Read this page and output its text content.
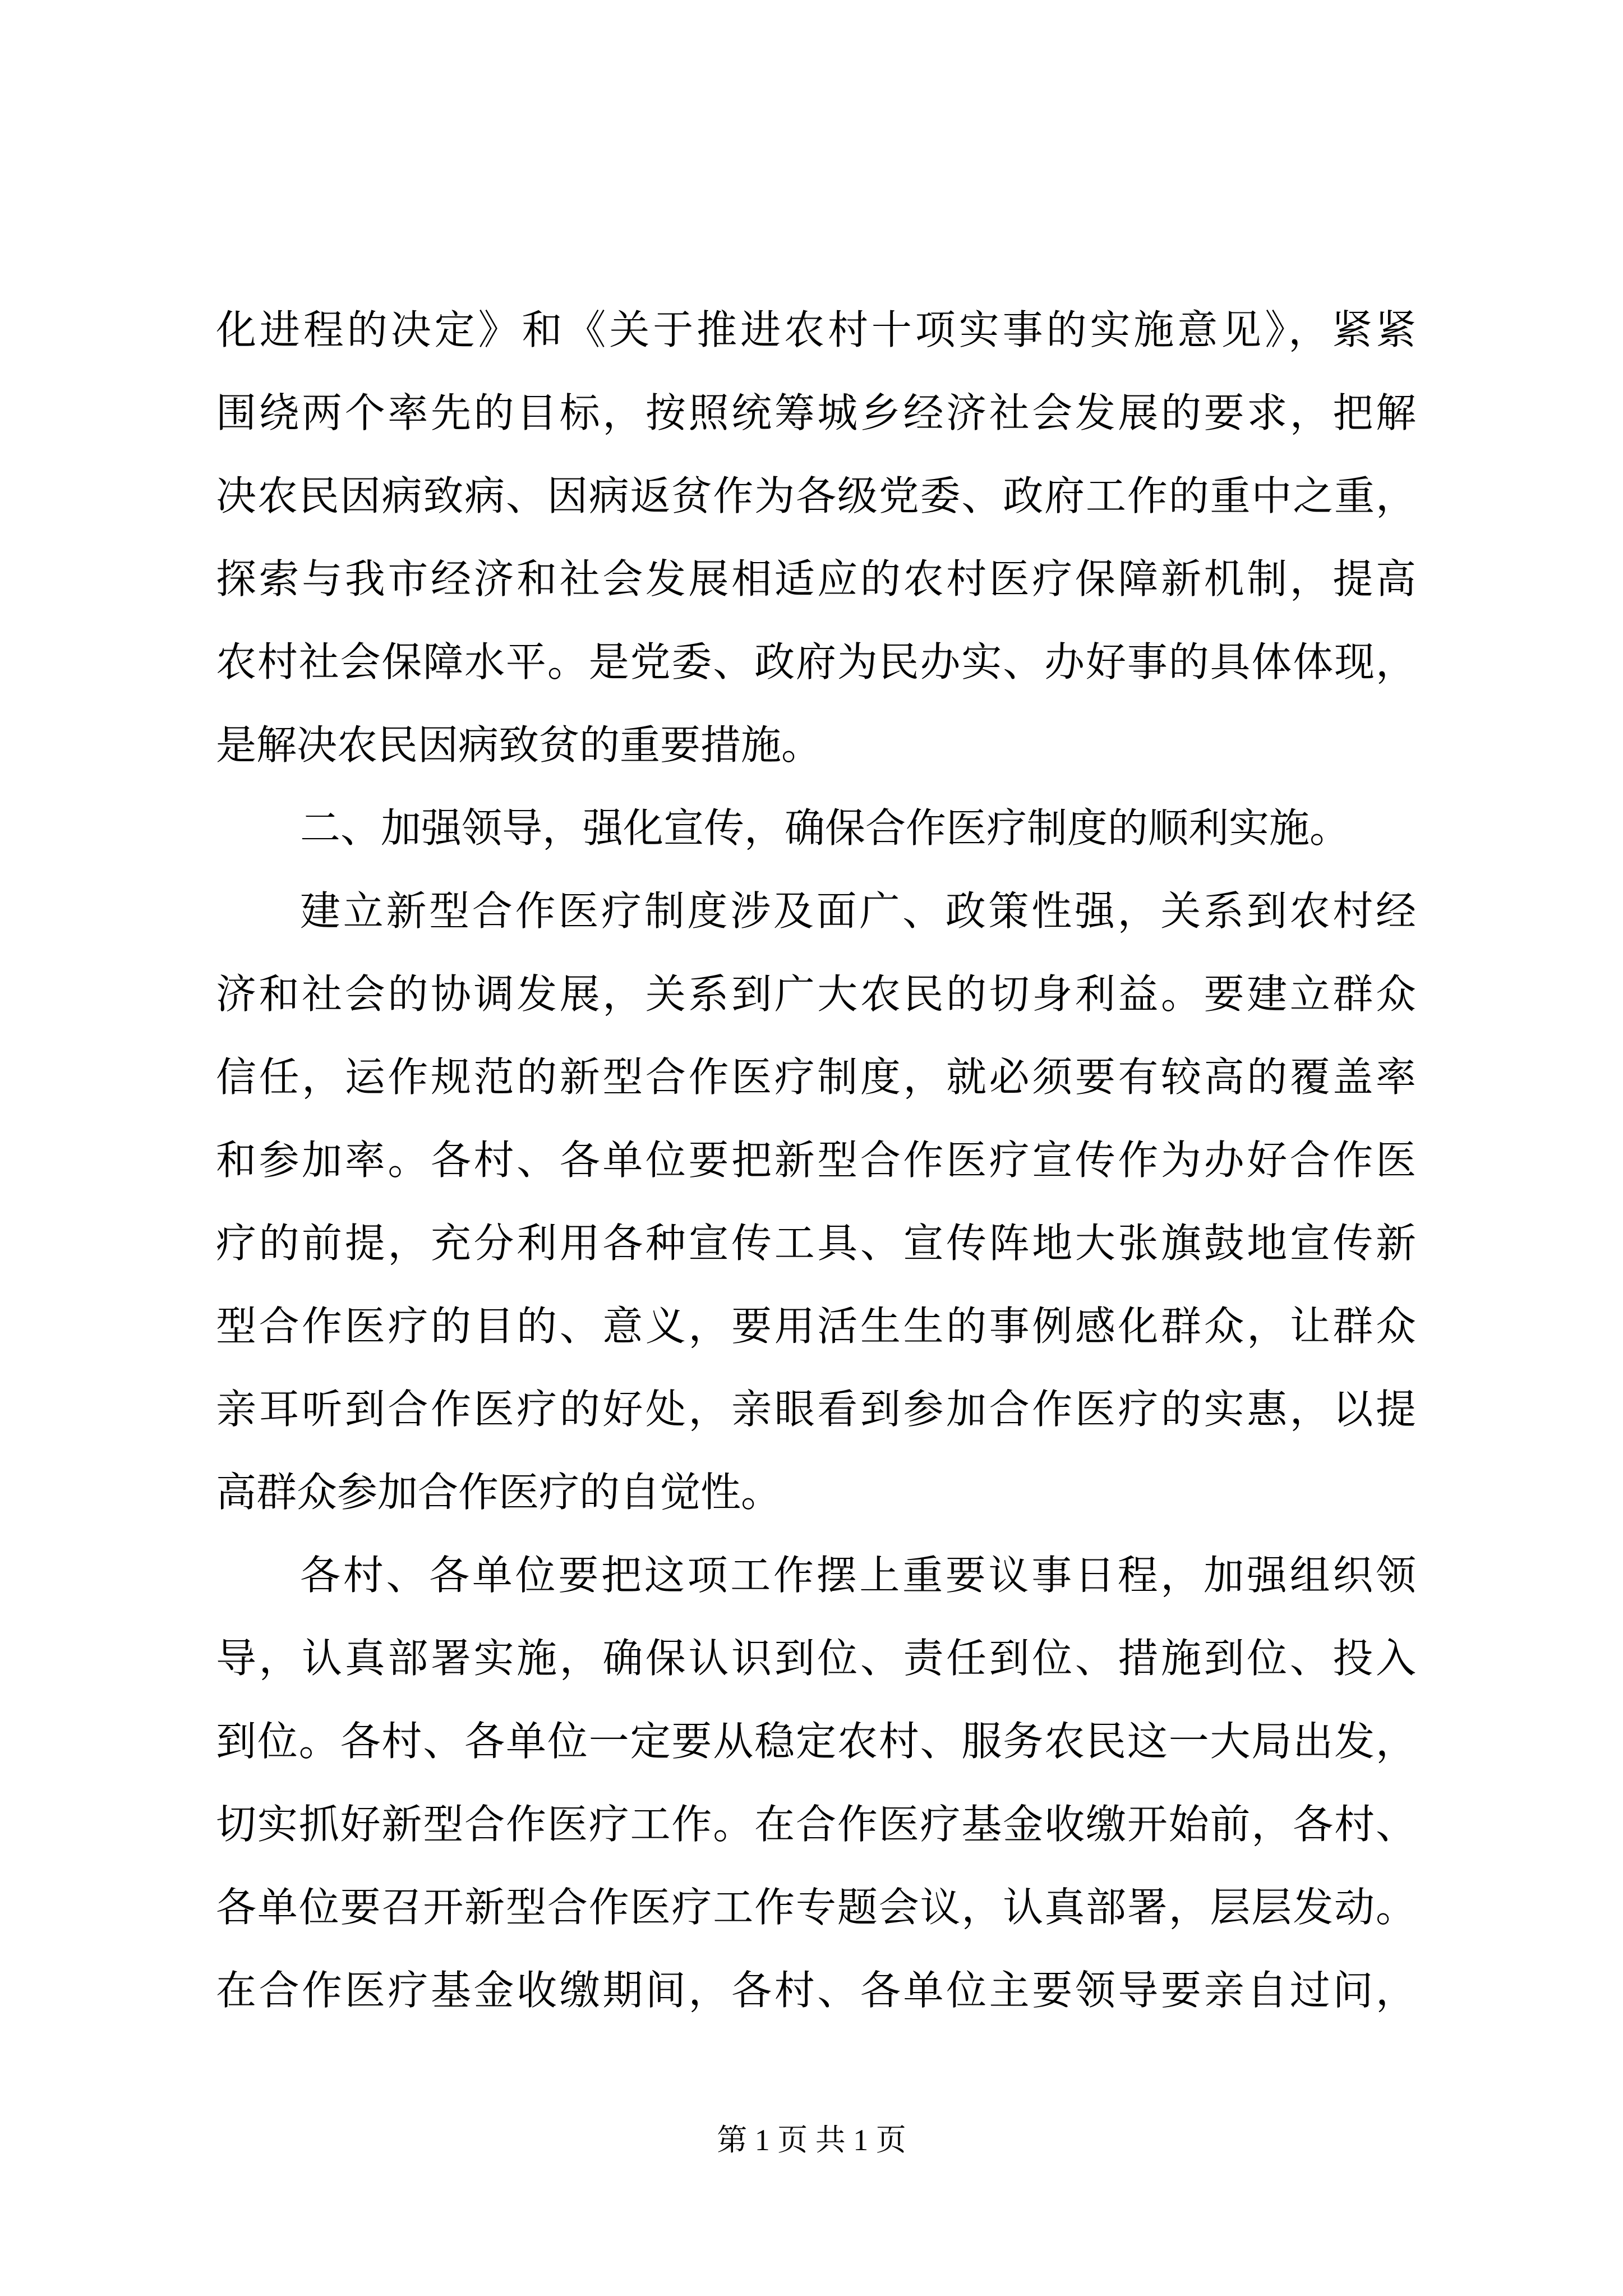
化进程的决定》和《关于推进农村十项实事的实施意见》，紧紧
围绕两个率先的目标，按照统筹城乡经济社会发展的要求，把解
决农民因病致病、因病返贫作为各级党委、政府工作的重中之重，
探索与我市经济和社会发展相适应的农村医疗保障新机制，提高
农村社会保障水平。是党委、政府为民办实、办好事的具体体现，
是解决农民因病致贫的重要措施。
二、加强领导，强化宣传，确保合作医疗制度的顺利实施。
建立新型合作医疗制度涉及面广、政策性强，关系到农村经
济和社会的协调发展，关系到广大农民的切身利益。要建立群众
信任，运作规范的新型合作医疗制度，就必须要有较高的覆盖率
和参加率。各村、各单位要把新型合作医疗宣传作为办好合作医
疗的前提，充分利用各种宣传工具、宣传阵地大张旗鼓地宣传新
型合作医疗的目的、意义，要用活生生的事例感化群众，让群众
亲耳听到合作医疗的好处，亲眼看到参加合作医疗的实惠，以提
高群众参加合作医疗的自觉性。
各村、各单位要把这项工作摆上重要议事日程，加强组织领
导，认真部署实施，确保认识到位、责任到位、措施到位、投入
到位。各村、各单位一定要从稳定农村、服务农民这一大局出发，
切实抓好新型合作医疗工作。在合作医疗基金收缴开始前，各村、
各单位要召开新型合作医疗工作专题会议，认真部署，层层发动。
在合作医疗基金收缴期间，各村、各单位主要领导要亲自过问，
第 1 页 共 1 页
